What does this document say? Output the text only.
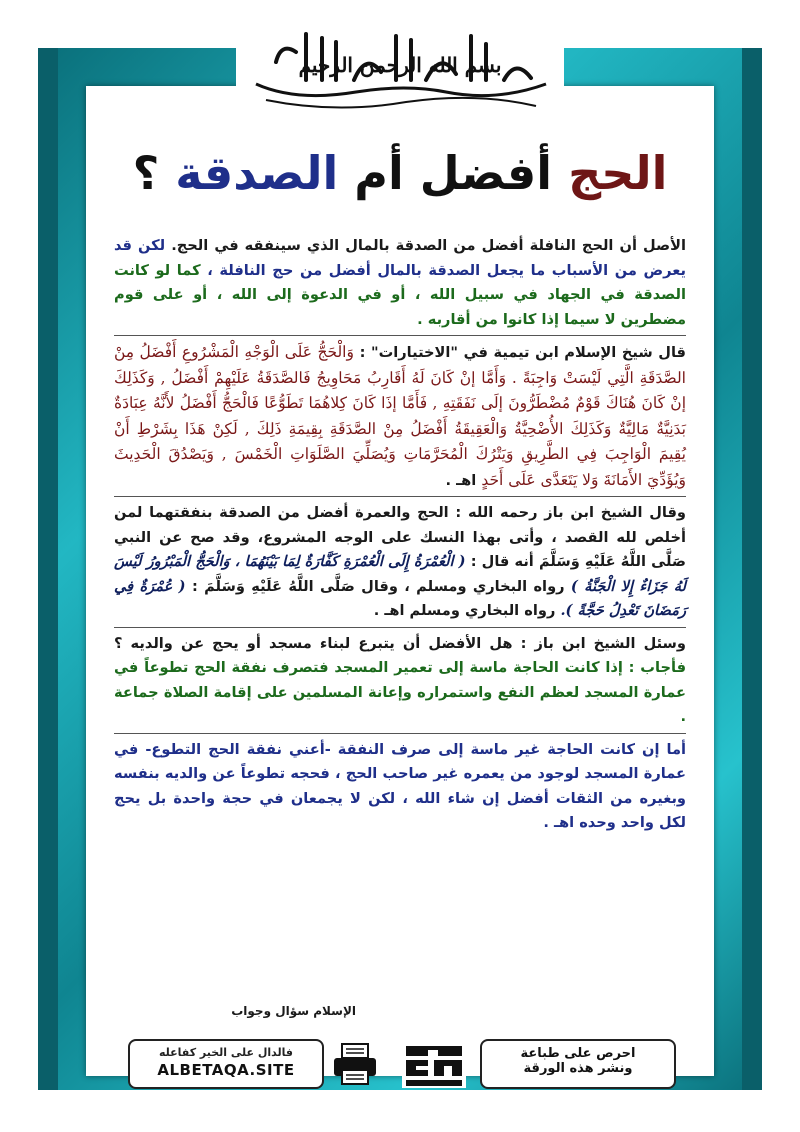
بسم الله الرحمن الرحيم
الحج أفضل أم الصدقة ؟

الأصل أن الحج النافلة أفضل من الصدقة بالمال الذي سينفقه في الحج. لكن قد يعرض من الأسباب ما يجعل الصدقة بالمال أفضل من حج النافلة ، كما لو كانت الصدقة في الجهاد في سبيل الله ، أو في الدعوة إلى الله ، أو على قوم مضطرين لا سيما إذا كانوا من أقاربه .

قال شيخ الإسلام ابن تيمية في "الاختيارات" : وَالْحَجُّ عَلَى الْوَجْهِ الْمَشْرُوعِ أَفْضَلُ مِنْ الصَّدَقَةِ الَّتِي لَيْسَتْ وَاجِبَةً . وَأَمَّا إنْ كَانَ لَهُ أَقَارِبُ مَحَاوِيجُ فَالصَّدَقَةُ عَلَيْهِمْ أَفْضَلُ , وَكَذَلِكَ إنْ كَانَ هُنَاكَ قَوْمٌ مُضْطَرُّونَ إلَى نَفَقَتِهِ , فَأَمَّا إذَا كَانَ كِلاهُمَا تَطَوُّعًا فَالْحَجُّ أَفْضَلُ لأَنَّهُ عِبَادَةٌ بَدَنِيَّةٌ مَالِيَّةٌ وَكَذَلِكَ الأُضْحِيَّةُ وَالْعَقِيقَةُ أَفْضَلُ مِنْ الصَّدَقَةِ بِقِيمَةِ ذَلِكَ , لَكِنْ هَذَا بِشَرْطِ أَنْ يُقِيمَ الْوَاجِبَ فِي الطَّرِيقِ وَيَتْرُكَ الْمُحَرَّمَاتِ وَيُصَلِّيَ الصَّلَوَاتِ الْخَمْسَ , وَيَصْدُقَ الْحَدِيثَ وَيُؤَدِّيَ الأَمَانَةَ وَلا يَتَعَدَّى عَلَى أَحَدٍ اهـ .

وقال الشيخ ابن باز رحمه الله : الحج والعمرة أفضل من الصدقة بنفقتهما لمن أخلص لله القصد ، وأتى بهذا النسك على الوجه المشروع، وقد صح عن النبي صَلَّى اللَّهُ عَلَيْهِ وَسَلَّمَ أنه قال : ( الْعُمْرَةُ إِلَى الْعُمْرَةِ كَفَّارَةٌ لِمَا بَيْنَهُمَا ، وَالْحَجُّ الْمَبْرُورُ لَيْسَ لَهُ جَزَاءٌ إِلا الْجَنَّةُ ) رواه البخاري ومسلم ، وقال صَلَّى اللَّهُ عَلَيْهِ وَسَلَّمَ : ( عُمْرَةٌ فِي رَمَضَانَ تَعْدِلُ حَجَّةً ). رواه البخاري ومسلم اهـ .

وسئل الشيخ ابن باز : هل الأفضل أن يتبرع لبناء مسجد أو يحج عن والديه ؟ فأجاب : إذا كانت الحاجة ماسة إلى تعمير المسجد فتصرف نفقة الحج تطوعاً في عمارة المسجد لعظم النفع واستمراره وإعانة المسلمين على إقامة الصلاة جماعة .

أما إن كانت الحاجة غير ماسة إلى صرف النفقة -أعني نفقة الحج التطوع- في عمارة المسجد لوجود من يعمره غير صاحب الحج ، فحجه تطوعاً عن والديه بنفسه وبغيره من الثقات أفضل إن شاء الله ، لكن لا يجمعان في حجة واحدة بل يحج لكل واحد وحده اهـ .

الإسلام سؤال وجواب
فالدال على الخير كفاعله
ALBETAQA.SITE
احرص على طباعة
ونشر هذه الورقة
